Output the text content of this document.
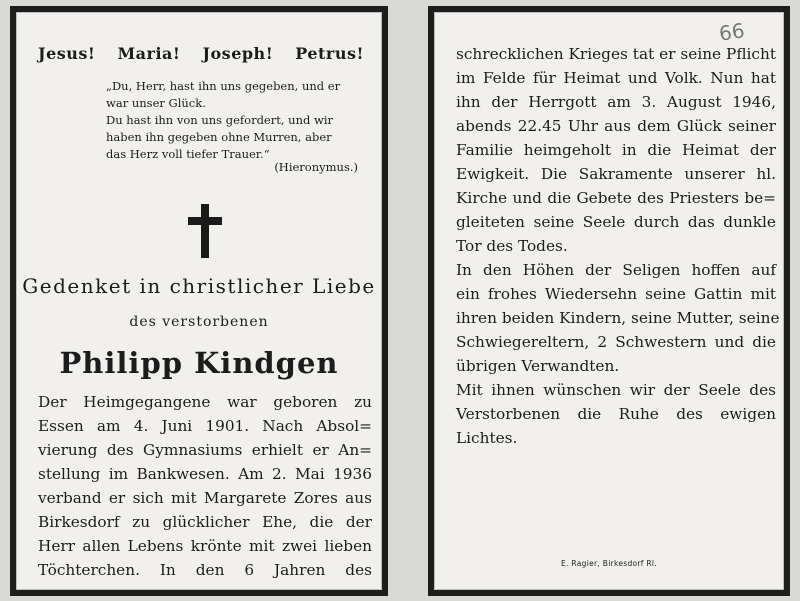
Jesus! Maria! Joseph! Petrus!
„Du, Herr, hast ihn uns gegeben, und er
war unser Glück.
Du hast ihn von uns gefordert, und wir
haben ihn gegeben ohne Murren, aber
das Herz voll tiefer Trauer.“
(Hieronymus.)
Gedenket in christlicher Liebe
des verstorbenen
Philipp Kindgen
Der Heimgegangene war geboren zu
Essen am 4. Juni 1901. Nach Absol=
vierung des Gymnasiums erhielt er An=
stellung im Bankwesen. Am 2. Mai 1936
verband er sich mit Margarete Zores aus
Birkesdorf zu glücklicher Ehe, die der
Herr allen Lebens krönte mit zwei lieben
Töchterchen. In den 6 Jahren des
66
schrecklichen Krieges tat er seine Pflicht
im Felde für Heimat und Volk. Nun hat
ihn der Herrgott am 3. August 1946,
abends 22.45 Uhr aus dem Glück seiner
Familie heimgeholt in die Heimat der
Ewigkeit. Die Sakramente unserer hl.
Kirche und die Gebete des Priesters be=
gleiteten seine Seele durch das dunkle
Tor des Todes.
In den Höhen der Seligen hoffen auf
ein frohes Wiedersehn seine Gattin mit
ihren beiden Kindern, seine Mutter, seine
Schwiegereltern, 2 Schwestern und die
übrigen Verwandten.
Mit ihnen wünschen wir der Seele des
Verstorbenen die Ruhe des ewigen
Lichtes.
E. Ragier, Birkesdorf Rl.
